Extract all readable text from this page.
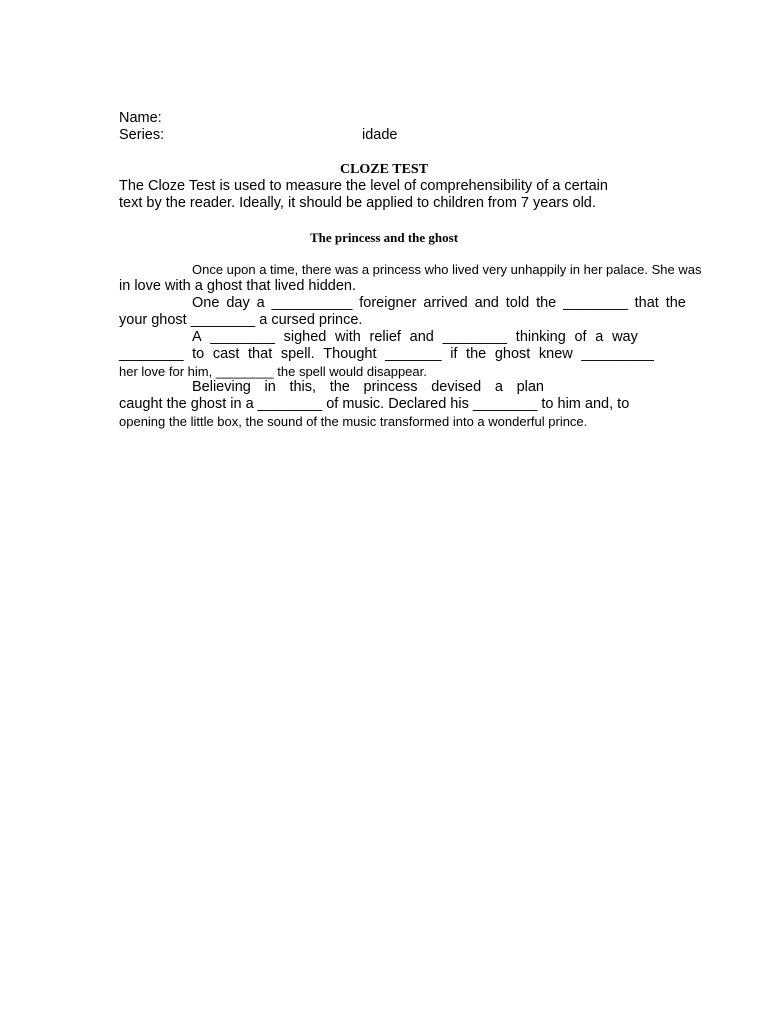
Name:
Series:	idade
CLOZE TEST
The Cloze Test is used to measure the level of comprehensibility of a certain
text by the reader. Ideally, it should be applied to children from 7 years old.
The princess and the ghost
Once upon a time, there was a princess who lived very unhappily in her palace. She was
in love with a ghost that lived hidden.
One day a __________ foreigner arrived and told the ________ that the
your ghost ________ a cursed prince.
A ________ sighed with relief and ________ thinking of a way
________ to cast that spell. Thought _______ if the ghost knew _________
her love for him, ________ the spell would disappear.
Believing in this, the princess devised a plan
caught the ghost in a ________ of music. Declared his ________ to him and, to
opening the little box, the sound of the music transformed into a wonderful prince.
